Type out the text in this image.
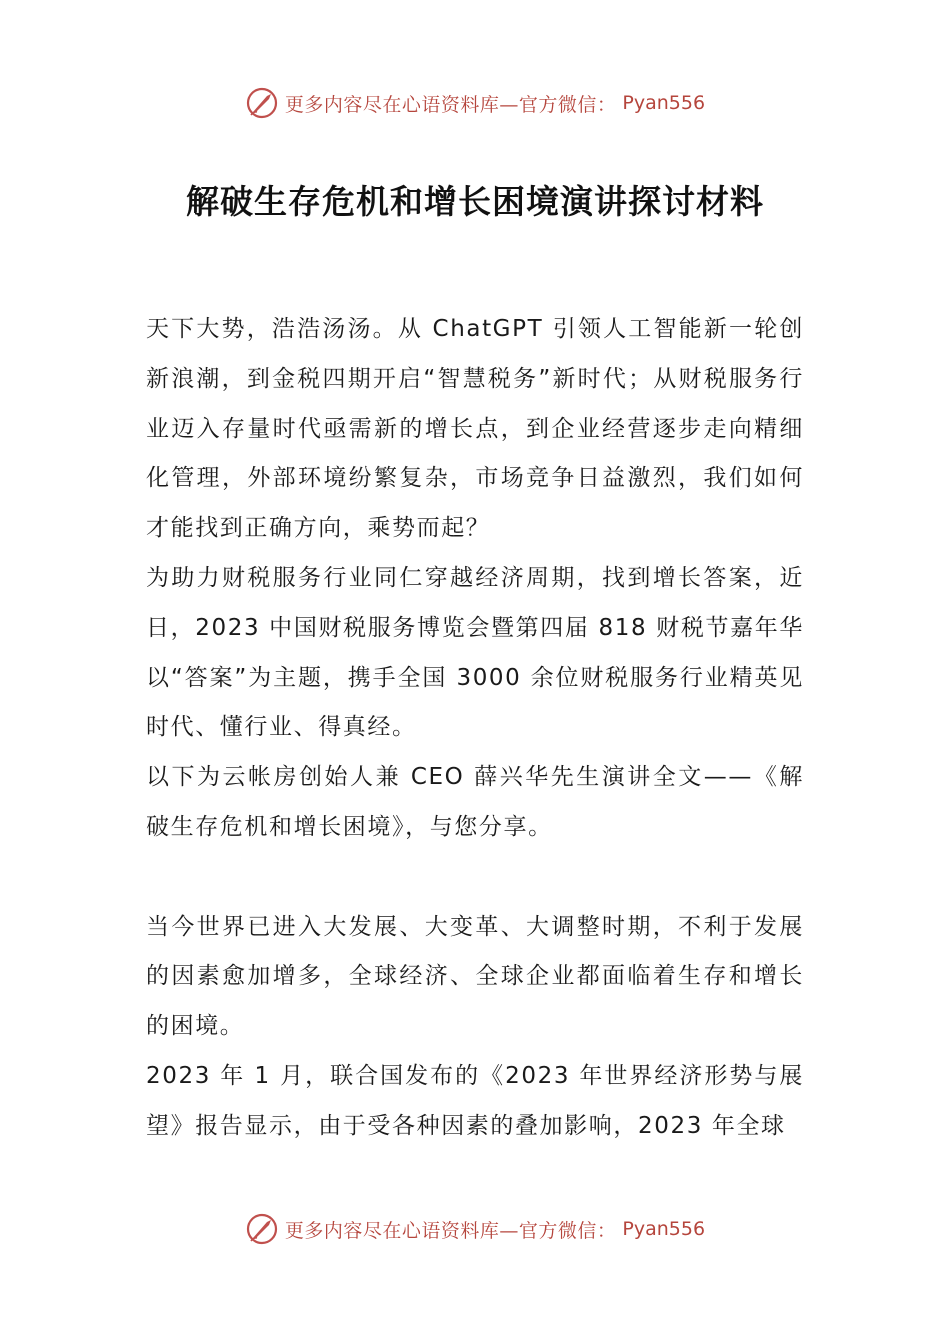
更多内容尽在心语资料库—官方微信： Pyan556
解破生存危机和增长困境演讲探讨材料

天下大势，浩浩汤汤。从 ChatGPT 引领人工智能新一轮创新浪潮，到金税四期开启“智慧税务”新时代；从财税服务行业迈入存量时代亟需新的增长点，到企业经营逐步走向精细化管理，外部环境纷繁复杂，市场竞争日益激烈，我们如何才能找到正确方向，乘势而起？

为助力财税服务行业同仁穿越经济周期，找到增长答案，近日，2023 中国财税服务博览会暨第四届 818 财税节嘉年华以“答案”为主题，携手全国 3000 余位财税服务行业精英见时代、懂行业、得真经。

以下为云帐房创始人兼 CEO 薛兴华先生演讲全文——《解破生存危机和增长困境》，与您分享。

当今世界已进入大发展、大变革、大调整时期，不利于发展的因素愈加增多，全球经济、全球企业都面临着生存和增长的困境。

2023 年 1 月，联合国发布的《2023 年世界经济形势与展望》报告显示，由于受各种因素的叠加影响，2023 年全球

更多内容尽在心语资料库—官方微信： Pyan556
